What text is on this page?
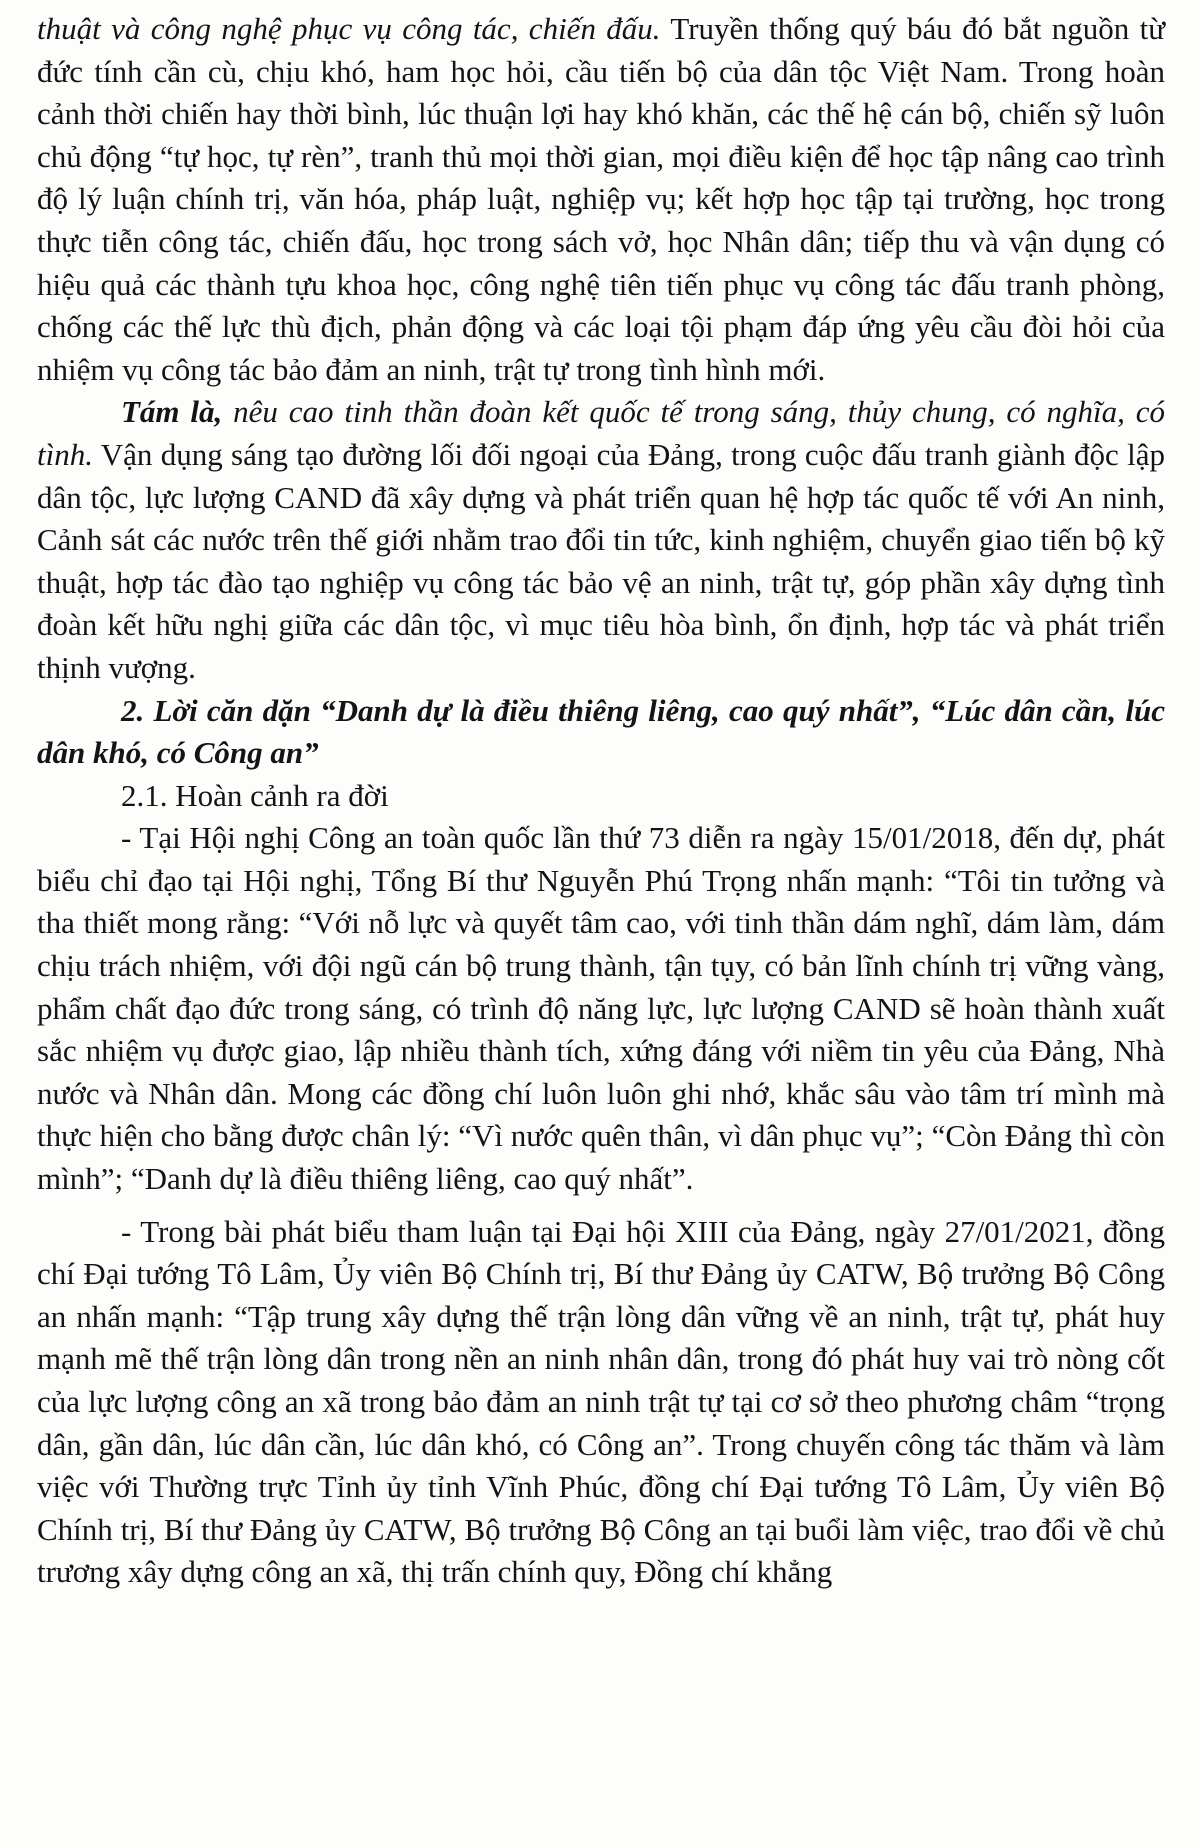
thuật và công nghệ phục vụ công tác, chiến đấu. Truyền thống quý báu đó bắt nguồn từ đức tính cần cù, chịu khó, ham học hỏi, cầu tiến bộ của dân tộc Việt Nam. Trong hoàn cảnh thời chiến hay thời bình, lúc thuận lợi hay khó khăn, các thế hệ cán bộ, chiến sỹ luôn chủ động “tự học, tự rèn”, tranh thủ mọi thời gian, mọi điều kiện để học tập nâng cao trình độ lý luận chính trị, văn hóa, pháp luật, nghiệp vụ; kết hợp học tập tại trường, học trong thực tiễn công tác, chiến đấu, học trong sách vở, học Nhân dân; tiếp thu và vận dụng có hiệu quả các thành tựu khoa học, công nghệ tiên tiến phục vụ công tác đấu tranh phòng, chống các thế lực thù địch, phản động và các loại tội phạm đáp ứng yêu cầu đòi hỏi của nhiệm vụ công tác bảo đảm an ninh, trật tự trong tình hình mới.

Tám là, nêu cao tinh thần đoàn kết quốc tế trong sáng, thủy chung, có nghĩa, có tình. Vận dụng sáng tạo đường lối đối ngoại của Đảng, trong cuộc đấu tranh giành độc lập dân tộc, lực lượng CAND đã xây dựng và phát triển quan hệ hợp tác quốc tế với An ninh, Cảnh sát các nước trên thế giới nhằm trao đổi tin tức, kinh nghiệm, chuyển giao tiến bộ kỹ thuật, hợp tác đào tạo nghiệp vụ công tác bảo vệ an ninh, trật tự, góp phần xây dựng tình đoàn kết hữu nghị giữa các dân tộc, vì mục tiêu hòa bình, ổn định, hợp tác và phát triển thịnh vượng.

2. Lời căn dặn “Danh dự là điều thiêng liêng, cao quý nhất”, “Lúc dân cần, lúc dân khó, có Công an”

2.1. Hoàn cảnh ra đời

- Tại Hội nghị Công an toàn quốc lần thứ 73 diễn ra ngày 15/01/2018, đến dự, phát biểu chỉ đạo tại Hội nghị, Tổng Bí thư Nguyễn Phú Trọng nhấn mạnh: “Tôi tin tưởng và tha thiết mong rằng: “Với nỗ lực và quyết tâm cao, với tinh thần dám nghĩ, dám làm, dám chịu trách nhiệm, với đội ngũ cán bộ trung thành, tận tụy, có bản lĩnh chính trị vững vàng, phẩm chất đạo đức trong sáng, có trình độ năng lực, lực lượng CAND sẽ hoàn thành xuất sắc nhiệm vụ được giao, lập nhiều thành tích, xứng đáng với niềm tin yêu của Đảng, Nhà nước và Nhân dân. Mong các đồng chí luôn luôn ghi nhớ, khắc sâu vào tâm trí mình mà thực hiện cho bằng được chân lý: “Vì nước quên thân, vì dân phục vụ”; “Còn Đảng thì còn mình”; “Danh dự là điều thiêng liêng, cao quý nhất”.

- Trong bài phát biểu tham luận tại Đại hội XIII của Đảng, ngày 27/01/2021, đồng chí Đại tướng Tô Lâm, Ủy viên Bộ Chính trị, Bí thư Đảng ủy CATW, Bộ trưởng Bộ Công an nhấn mạnh: “Tập trung xây dựng thế trận lòng dân vững về an ninh, trật tự, phát huy mạnh mẽ thế trận lòng dân trong nền an ninh nhân dân, trong đó phát huy vai trò nòng cốt của lực lượng công an xã trong bảo đảm an ninh trật tự tại cơ sở theo phương châm “trọng dân, gần dân, lúc dân cần, lúc dân khó, có Công an”. Trong chuyến công tác thăm và làm việc với Thường trực Tỉnh ủy tỉnh Vĩnh Phúc, đồng chí Đại tướng Tô Lâm, Ủy viên Bộ Chính trị, Bí thư Đảng ủy CATW, Bộ trưởng Bộ Công an tại buổi làm việc, trao đổi về chủ trương xây dựng công an xã, thị trấn chính quy, Đồng chí khẳng
